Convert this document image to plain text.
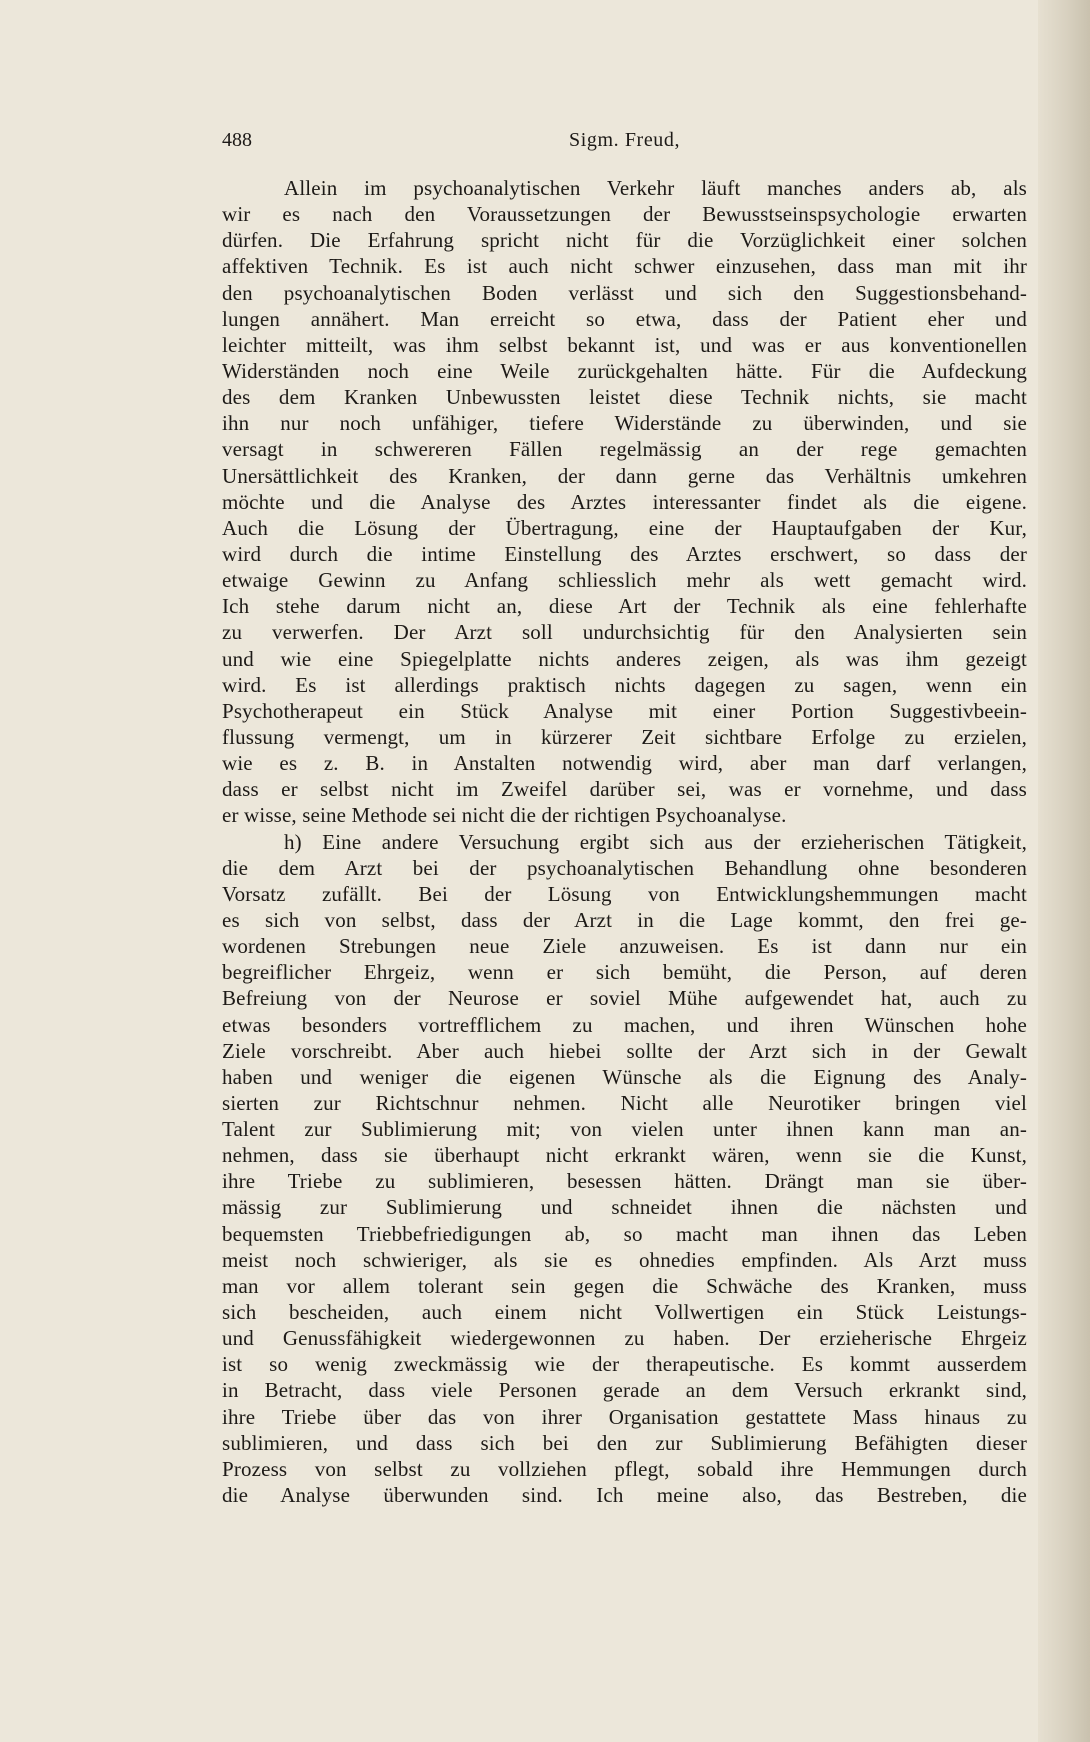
488	Sigm. Freud,
Allein im psychoanalytischen Verkehr läuft manches anders ab, als
wir es nach den Voraussetzungen der Bewusstseinspsychologie erwarten
dürfen. Die Erfahrung spricht nicht für die Vorzüglichkeit einer solchen
affektiven Technik. Es ist auch nicht schwer einzusehen, dass man mit ihr
den psychoanalytischen Boden verlässt und sich den Suggestionsbehand-
lungen annähert. Man erreicht so etwa, dass der Patient eher und
leichter mitteilt, was ihm selbst bekannt ist, und was er aus konventionellen
Widerständen noch eine Weile zurückgehalten hätte. Für die Aufdeckung
des dem Kranken Unbewussten leistet diese Technik nichts, sie macht
ihn nur noch unfähiger, tiefere Widerstände zu überwinden, und sie
versagt in schwereren Fällen regelmässig an der rege gemachten
Unersättlichkeit des Kranken, der dann gerne das Verhältnis umkehren
möchte und die Analyse des Arztes interessanter findet als die eigene.
Auch die Lösung der Übertragung, eine der Hauptaufgaben der Kur,
wird durch die intime Einstellung des Arztes erschwert, so dass der
etwaige Gewinn zu Anfang schliesslich mehr als wett gemacht wird.
Ich stehe darum nicht an, diese Art der Technik als eine fehlerhafte
zu verwerfen. Der Arzt soll undurchsichtig für den Analysierten sein
und wie eine Spiegelplatte nichts anderes zeigen, als was ihm gezeigt
wird. Es ist allerdings praktisch nichts dagegen zu sagen, wenn ein
Psychotherapeut ein Stück Analyse mit einer Portion Suggestivbeein-
flussung vermengt, um in kürzerer Zeit sichtbare Erfolge zu erzielen,
wie es z. B. in Anstalten notwendig wird, aber man darf verlangen,
dass er selbst nicht im Zweifel darüber sei, was er vornehme, und dass
er wisse, seine Methode sei nicht die der richtigen Psychoanalyse.
h) Eine andere Versuchung ergibt sich aus der erzieherischen Tätigkeit,
die dem Arzt bei der psychoanalytischen Behandlung ohne besonderen
Vorsatz zufällt. Bei der Lösung von Entwicklungshemmungen macht
es sich von selbst, dass der Arzt in die Lage kommt, den frei ge-
wordenen Strebungen neue Ziele anzuweisen. Es ist dann nur ein
begreiflicher Ehrgeiz, wenn er sich bemüht, die Person, auf deren
Befreiung von der Neurose er soviel Mühe aufgewendet hat, auch zu
etwas besonders vortrefflichem zu machen, und ihren Wünschen hohe
Ziele vorschreibt. Aber auch hiebei sollte der Arzt sich in der Gewalt
haben und weniger die eigenen Wünsche als die Eignung des Analy-
sierten zur Richtschnur nehmen. Nicht alle Neurotiker bringen viel
Talent zur Sublimierung mit; von vielen unter ihnen kann man an-
nehmen, dass sie überhaupt nicht erkrankt wären, wenn sie die Kunst,
ihre Triebe zu sublimieren, besessen hätten. Drängt man sie über-
mässig zur Sublimierung und schneidet ihnen die nächsten und
bequemsten Triebbefriedigungen ab, so macht man ihnen das Leben
meist noch schwieriger, als sie es ohnedies empfinden. Als Arzt muss
man vor allem tolerant sein gegen die Schwäche des Kranken, muss
sich bescheiden, auch einem nicht Vollwertigen ein Stück Leistungs-
und Genussfähigkeit wiedergewonnen zu haben. Der erzieherische Ehrgeiz
ist so wenig zweckmässig wie der therapeutische. Es kommt ausserdem
in Betracht, dass viele Personen gerade an dem Versuch erkrankt sind,
ihre Triebe über das von ihrer Organisation gestattete Mass hinaus zu
sublimieren, und dass sich bei den zur Sublimierung Befähigten dieser
Prozess von selbst zu vollziehen pflegt, sobald ihre Hemmungen durch
die Analyse überwunden sind. Ich meine also, das Bestreben, die
